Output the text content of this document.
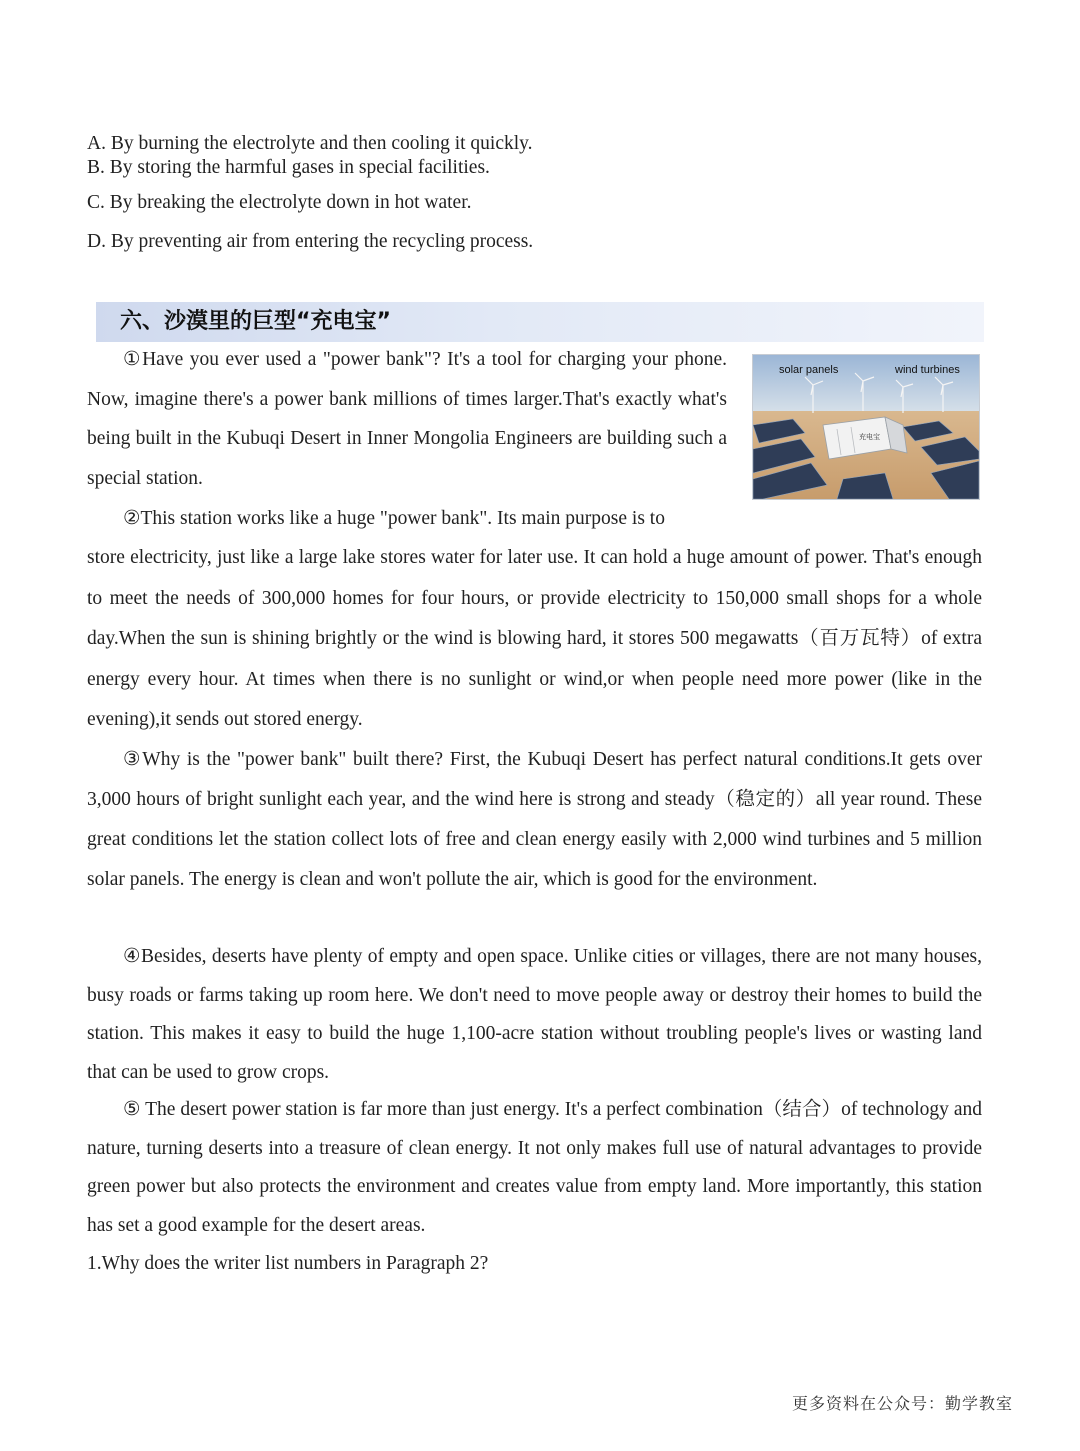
A. By burning the electrolyte and then cooling it quickly.
B. By storing the harmful gases in special facilities.
C. By breaking the electrolyte down in hot water.
D. By preventing air from entering the recycling process.
六、沙漠里的巨型“充电宝”
①Have you ever used a "power bank"? It's a tool for charging your phone. Now, imagine there's a power bank millions of times larger.That's exactly what's being built in the Kubuqi Desert in Inner Mongolia Engineers are building such a special station.
充电宝
solar panels	wind turbines
②This station works like a huge "power bank". Its main purpose is to
store electricity, just like a large lake stores water for later use. It can hold a huge amount of power. That's enough to meet the needs of 300,000 homes for four hours, or provide electricity to 150,000 small shops for a whole day.When the sun is shining brightly or the wind is blowing hard, it stores 500 megawatts（百万瓦特）of extra energy every hour. At times when there is no sunlight or wind,or when people need more power (like in the evening),it sends out stored energy.
③Why is the "power bank" built there? First, the Kubuqi Desert has perfect natural conditions.It gets over 3,000 hours of bright sunlight each year, and the wind here is strong and steady（稳定的）all year round. These great conditions let the station collect lots of free and clean energy easily with 2,000 wind turbines and 5 million solar panels. The energy is clean and won't pollute the air, which is good for the environment.
④Besides, deserts have plenty of empty and open space. Unlike cities or villages, there are not many houses, busy roads or farms taking up room here. We don't need to move people away or destroy their homes to build the station. This makes it easy to build the huge 1,100-acre station without troubling people's lives or wasting land that can be used to grow crops.
⑤ The desert power station is far more than just energy. It's a perfect combination（结合）of technology and nature, turning deserts into a treasure of clean energy. It not only makes full use of natural advantages to provide green power but also protects the environment and creates value from empty land. More importantly, this station has set a good example for the desert areas.
1.Why does the writer list numbers in Paragraph 2?
更多资料在公众号：勤学教室
